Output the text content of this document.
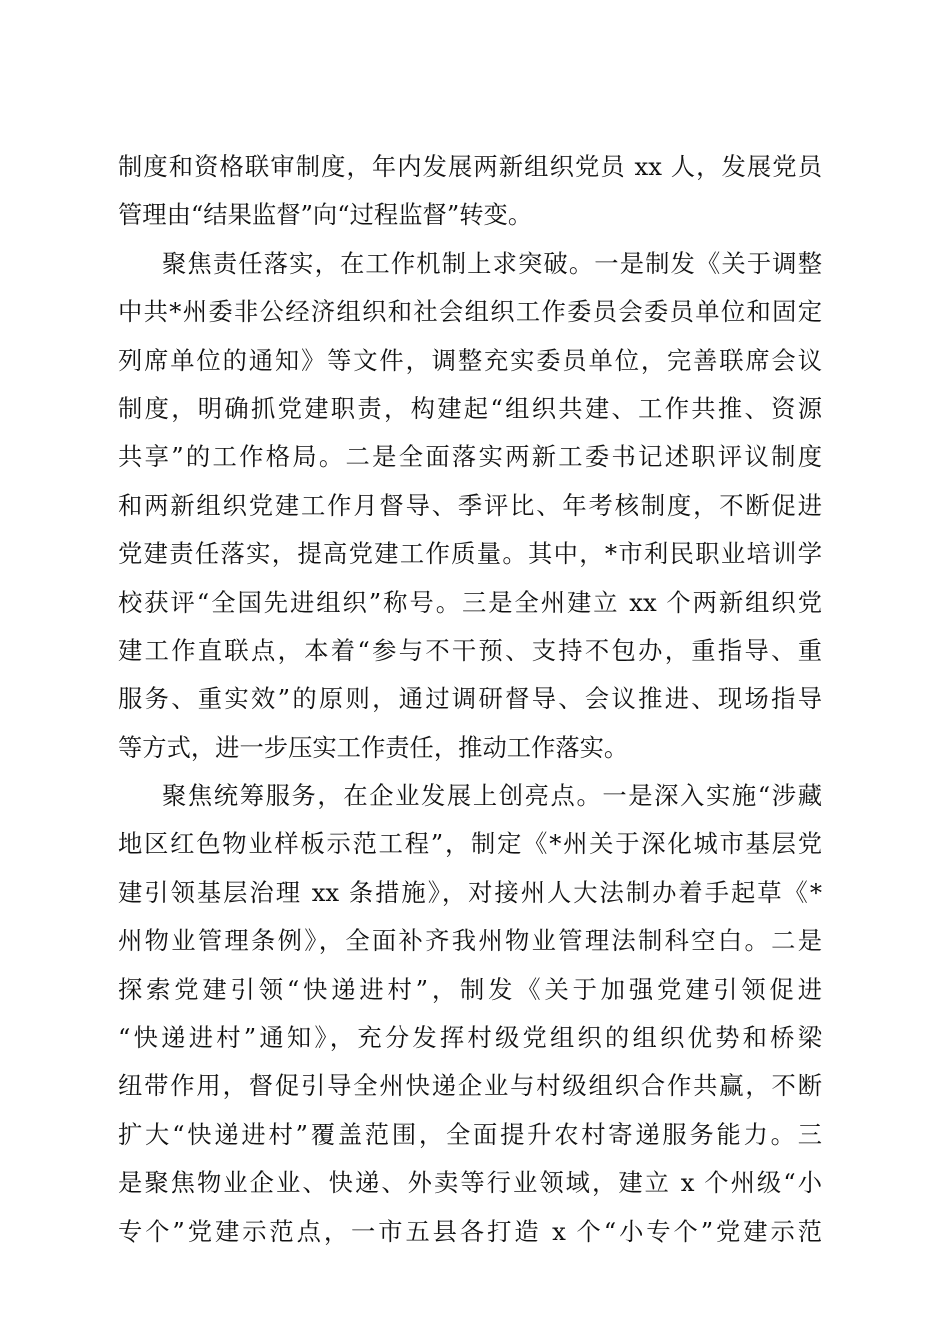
制度和资格联审制度，年内发展两新组织党员 xx 人，发展党员
管理由“结果监督”向“过程监督”转变。
聚焦责任落实，在工作机制上求突破。一是制发《关于调整
中共*州委非公经济组织和社会组织工作委员会委员单位和固定
列席单位的通知》等文件，调整充实委员单位，完善联席会议
制度，明确抓党建职责，构建起“组织共建、工作共推、资源
共享”的工作格局。二是全面落实两新工委书记述职评议制度
和两新组织党建工作月督导、季评比、年考核制度，不断促进
党建责任落实，提高党建工作质量。其中，*市利民职业培训学
校获评“全国先进组织”称号。三是全州建立 xx 个两新组织党
建工作直联点，本着“参与不干预、支持不包办，重指导、重
服务、重实效”的原则，通过调研督导、会议推进、现场指导
等方式，进一步压实工作责任，推动工作落实。
聚焦统筹服务，在企业发展上创亮点。一是深入实施“涉藏
地区红色物业样板示范工程”，制定《*州关于深化城市基层党
建引领基层治理 xx 条措施》，对接州人大法制办着手起草《*
州物业管理条例》，全面补齐我州物业管理法制科空白。二是
探索党建引领“快递进村”，制发《关于加强党建引领促进
“快递进村”通知》，充分发挥村级党组织的组织优势和桥梁
纽带作用，督促引导全州快递企业与村级组织合作共赢，不断
扩大“快递进村”覆盖范围，全面提升农村寄递服务能力。三
是聚焦物业企业、快递、外卖等行业领域，建立 x 个州级“小
专个”党建示范点，一市五县各打造 x 个“小专个”党建示范
